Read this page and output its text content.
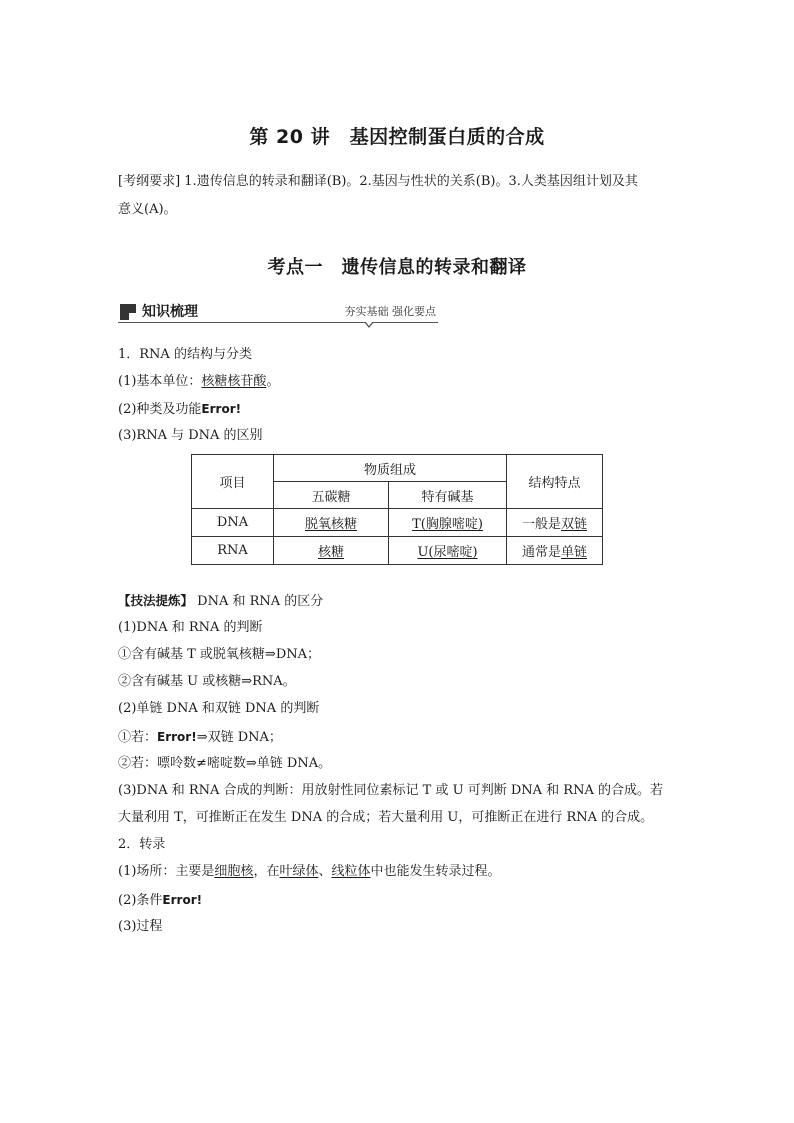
第 20 讲　基因控制蛋白质的合成
[考纲要求] 1.遗传信息的转录和翻译(B)。2.基因与性状的关系(B)。3.人类基因组计划及其
意义(A)。
考点一　遗传信息的转录和翻译
知识梳理	夯实基础 强化要点
1．RNA 的结构与分类
(1)基本单位：核糖核苷酸。
(2)种类及功能Error!
(3)RNA 与 DNA 的区别
项目	物质组成		结构特点
	五碳糖	特有碱基	
DNA	脱氧核糖	T(胸腺嘧啶)	一般是双链
RNA	核糖	U(尿嘧啶)	通常是单链
【技法提炼】 DNA 和 RNA 的区分
(1)DNA 和 RNA 的判断
①含有碱基 T 或脱氧核糖⇒DNA；
②含有碱基 U 或核糖⇒RNA。
(2)单链 DNA 和双链 DNA 的判断
①若：Error!⇒双链 DNA；
②若：嘌呤数≠嘧啶数⇒单链 DNA。
(3)DNA 和 RNA 合成的判断：用放射性同位素标记 T 或 U 可判断 DNA 和 RNA 的合成。若
大量利用 T，可推断正在发生 DNA 的合成；若大量利用 U，可推断正在进行 RNA 的合成。
2．转录
(1)场所：主要是细胞核，在叶绿体、线粒体中也能发生转录过程。
(2)条件Error!
(3)过程
